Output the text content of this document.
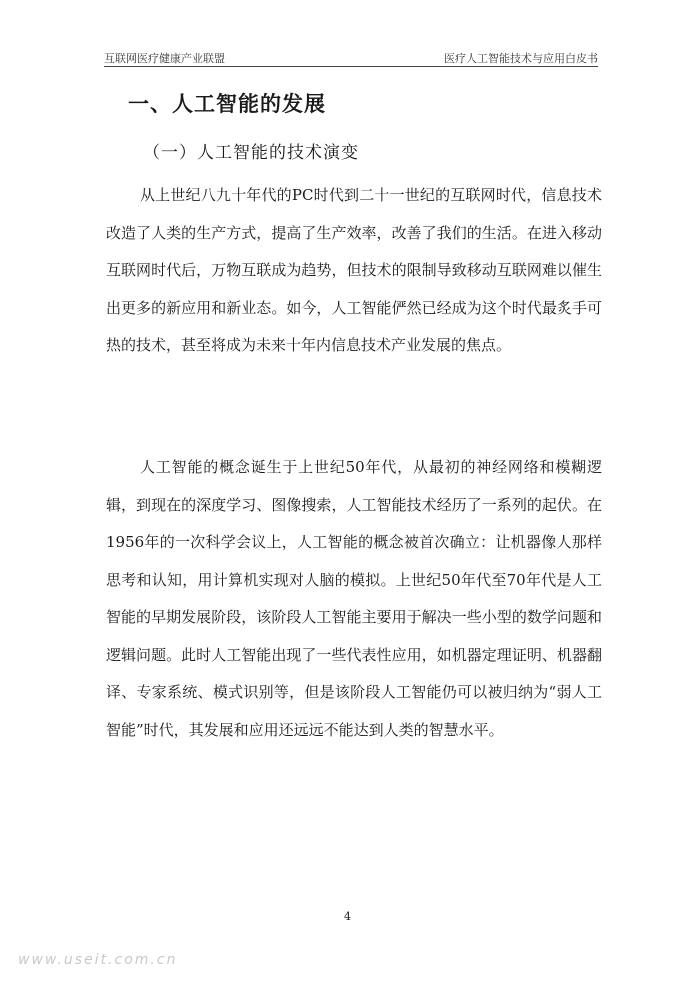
互联网医疗健康产业联盟	医疗人工智能技术与应用白皮书
一、人工智能的发展
（一）人工智能的技术演变

从上世纪八九十年代的PC时代到二十一世纪的互联网时代，信息技术改造了人类的生产方式，提高了生产效率，改善了我们的生活。在进入移动互联网时代后，万物互联成为趋势，但技术的限制导致移动互联网难以催生出更多的新应用和新业态。如今，人工智能俨然已经成为这个时代最炙手可热的技术，甚至将成为未来十年内信息技术产业发展的焦点。

人工智能的概念诞生于上世纪50年代，从最初的神经网络和模糊逻辑，到现在的深度学习、图像搜索，人工智能技术经历了一系列的起伏。在1956年的一次科学会议上，人工智能的概念被首次确立：让机器像人那样思考和认知，用计算机实现对人脑的模拟。上世纪50年代至70年代是人工智能的早期发展阶段，该阶段人工智能主要用于解决一些小型的数学问题和逻辑问题。此时人工智能出现了一些代表性应用，如机器定理证明、机器翻译、专家系统、模式识别等，但是该阶段人工智能仍可以被归纳为“弱人工智能”时代，其发展和应用还远远不能达到人类的智慧水平。

4
www.useit.com.cn
